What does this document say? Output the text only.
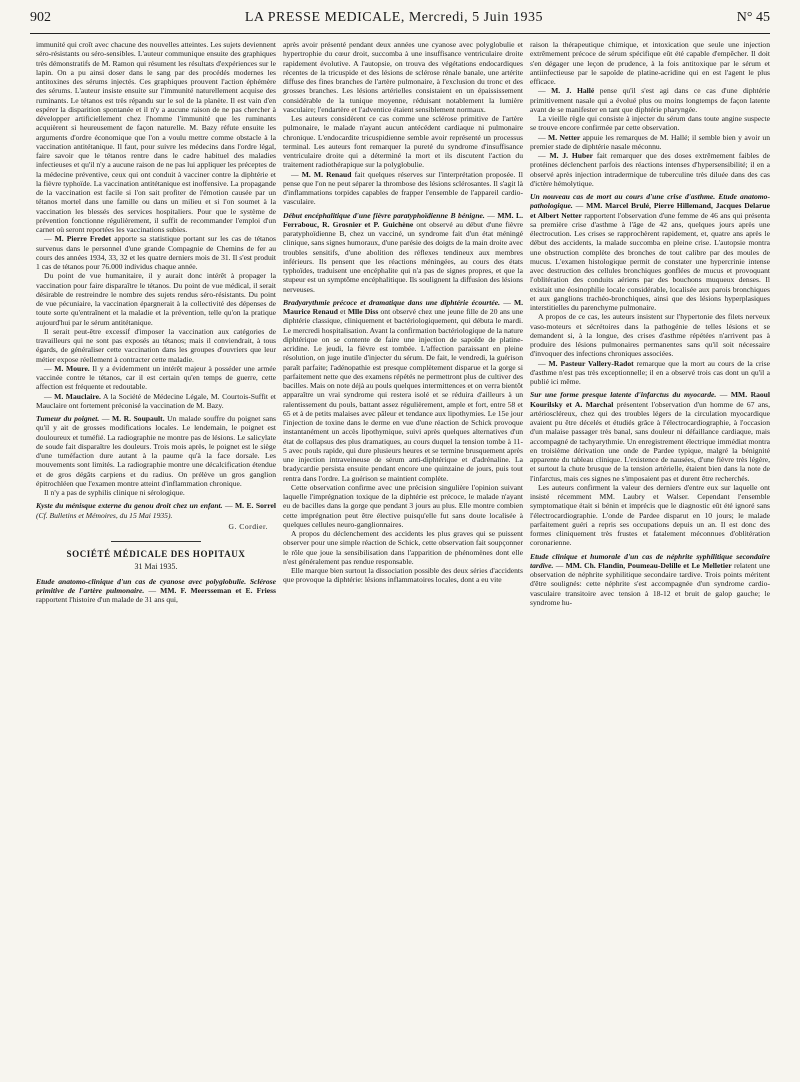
902	LA PRESSE MEDICALE, Mercredi, 5 Juin 1935	N° 45

immunité qui croît avec chacune des nouvelles atteintes. Les sujets deviennent séro-résistants ou séro-sensibles. L'auteur communique ensuite des graphiques très démonstratifs de M. Ramon qui résument les résultats d'expériences sur le lapin. On a pu ainsi doser dans le sang par des procédés modernes les antitoxines des sérums injectés. Ces graphiques prouvent l'action éphémère des sérums. L'auteur insiste ensuite sur l'immunité naturellement acquise des ruminants. Le tétanos est très répandu sur le sol de la planète. Il est vain d'en espérer la disparition spontanée et il n'y a aucune raison de ne pas chercher à développer artificiellement chez l'homme l'immunité que les ruminants acquièrent si heureusement de façon naturelle. M. Bazy réfute ensuite les arguments d'ordre économique que l'on a voulu mettre comme obstacle à la vaccination antitétanique. Il faut, pour suivre les médecins dans l'ordre légal, faire savoir que le tétanos rentre dans le cadre habituel des maladies infectieuses et qu'il n'y a aucune raison de ne pas lui appliquer les préceptes de la médecine préventive, ceux qui ont conduit à vacciner contre la diphtérie et la fièvre typhoïde. La vaccination antitétanique est inoffensive. La propagande de la vaccination est facile si l'on sait profiter de l'émotion causée par un tétanos mortel dans une famille ou dans un milieu et si l'on soumet à la vaccination les blessés des services hospitaliers. Pour que le système de prévention fonctionne régulièrement, il suffit de recommander l'emploi d'un carnet où seront reportées les vaccinations subies.

— M. Pierre Fredet apporte sa statistique portant sur les cas de tétanos survenus dans le personnel d'une grande Compagnie de Chemins de fer au cours des années 1934, 33, 32 et les quatre derniers mois de 31. Il s'est produit 1 cas de tétanos pour 76.000 individus chaque année.

Du point de vue humanitaire, il y aurait donc intérêt à propager la vaccination pour faire disparaître le tétanos. Du point de vue médical, il serait désirable de restreindre le nombre des sujets rendus séro-résistants. Du point de vue pécuniaire, la vaccination épargnerait à la collectivité des dépenses de toute sorte qu'entraînent et la maladie et la prévention, telle qu'on la pratique aujourd'hui par le sérum antitétanique.

Il serait peut-être excessif d'imposer la vaccination aux catégories de travailleurs qui ne sont pas exposés au tétanos; mais il conviendrait, à tous égards, de généraliser cette vaccination dans les groupes d'ouvriers que leur métier expose réellement à contracter cette maladie.

— M. Moure. Il y a évidemment un intérêt majeur à posséder une armée vaccinée contre le tétanos, car il est certain qu'en temps de guerre, cette affection est fréquente et redoutable.

— M. Mauclaire. A la Société de Médecine Légale, M. Courtois-Suffit et Mauclaire ont fortement préconisé la vaccination de M. Bazy.

Tumeur du poignet. — M. R. Soupault. Un malade souffre du poignet sans qu'il y ait de grosses modifications locales. Le lendemain, le poignet est douloureux et tuméfié. La radiographie ne montre pas de lésions. Le salicylate de soude fait disparaître les douleurs. Trois mois après, le poignet est le siège d'une tuméfaction dure autant à la paume qu'à la face dorsale. Les mouvements sont limités. La radiographie montre une décalcification étendue et de gros dégâts carpiens et du radius. On prélève un gros ganglion épitrochléen que l'examen montre atteint d'inflammation chronique.

Il n'y a pas de syphilis clinique ni sérologique.

Kyste du ménisque externe du genou droit chez un enfant. — M. E. Sorrel (Cf. Bulletins et Mémoires, du 15 Mai 1935).

G. Cordier.
SOCIÉTÉ MÉDICALE DES HOPITAUX
31 Mai 1935.

Etude anatomo-clinique d'un cas de cyanose avec polyglobulie. Sclérose primitive de l'artère pulmonaire. — MM. F. Meersseman et E. Friess rapportent l'histoire d'un malade de 31 ans qui,

après avoir présenté pendant deux années une cyanose avec polyglobulie et hypertrophie du cœur droit, succomba à une insuffisance ventriculaire droite rapidement évolutive. A l'autopsie, on trouva des végétations endocardiques récentes de la tricuspide et des lésions de sclérose rénale banale, une artérite diffuse des fines branches de l'artère pulmonaire, à l'exclusion du tronc et des grosses branches. Les lésions artérielles consistaient en un épaississement considérable de la tunique moyenne, réduisant notablement la lumière vasculaire; l'endartère et l'adventice étaient sensiblement normaux.

Les auteurs considèrent ce cas comme une sclérose primitive de l'artère pulmonaire, le malade n'ayant aucun antécédent cardiaque ni pulmonaire chronique. L'endocardite tricuspidienne semble avoir représenté un processus terminal. Les auteurs font remarquer la pureté du syndrome d'insuffisance ventriculaire droite qui a déterminé la mort et ils discutent l'action du traitement radiothérapique sur la polyglobulie.

— M. M. Renaud fait quelques réserves sur l'interprétation proposée. Il pense que l'on ne peut séparer la thrombose des lésions sclérosantes. Il s'agit là d'inflammations torpides capables de frapper l'ensemble de l'appareil cardio-vasculaire.

Début encéphalitique d'une fièvre paratyphoïdienne B bénigne. — MM. L. Ferrabouc, R. Grosnier et P. Guichène ont observé au début d'une fièvre paratyphoïdienne B, chez un vacciné, un syndrome fait d'un état méningé clinique, sans signes humoraux, d'une parésie des doigts de la main droite avec troubles sensitifs, d'une abolition des réflexes tendineux aux membres inférieurs. Ils pensent que les réactions méningées, au cours des états typhoïdes, traduisent une encéphalite qui n'a pas de signes propres, et que la stupeur est un symptôme encéphalitique. Ils soulignent la diffusion des lésions nerveuses.

Bradyarythmie précoce et dramatique dans une diphtérie écourtée. — M. Maurice Renaud et Mlle Diss ont observé chez une jeune fille de 20 ans une diphtérie classique, cliniquement et bactériologiquement, qui débuta le mardi. Le mercredi hospitalisation. Avant la confirmation bactériologique de la nature diphtérique on se contente de faire une injection de sapoïde de platine-acridine. Le jeudi, la fièvre est tombée. L'affection paraissant en pleine résolution, on juge inutile d'injecter du sérum. De fait, le vendredi, la guérison paraît parfaite; l'adénopathie est presque complètement disparue et la gorge si parfaitement nette que des examens répétés ne permettront plus de cultiver des bacilles. Mais on note déjà au pouls quelques intermittences et on verra bientôt apparaître un vrai syndrome qui restera isolé et se réduira d'ailleurs à un ralentissement du pouls, battant assez régulièrement, ample et fort, entre 58 et 65 et à de petits malaises avec pâleur et tendance aux lipothymies. Le 15e jour l'injection de toxine dans le derme en vue d'une réaction de Schick provoque instantanément un accès lipothymique, suivi après quelques alternatives d'un état de collapsus des plus dramatiques, au cours duquel la tension tombe à 11-5 avec pouls rapide, qui dure plusieurs heures et se termine brusquement après une injection intraveineuse de sérum anti-diphtérique et d'adrénaline. La bradycardie persista ensuite pendant encore une quinzaine de jours, puis tout rentra dans l'ordre. La guérison se maintient complète.

Cette observation confirme avec une précision singulière l'opinion suivant laquelle l'imprégnation toxique de la diphtérie est précoce, le malade n'ayant eu de bacilles dans la gorge que pendant 3 jours au plus. Elle montre combien cette imprégnation peut être élective puisqu'elle fut sans doute localisée à quelques cellules neuro-ganglionnaires.

A propos du déclenchement des accidents les plus graves qui se puissent observer pour une simple réaction de Schick, cette observation fait soupçonner le rôle que joue la sensibilisation dans l'apparition de phénomènes dont elle n'est généralement pas rendue responsable.

Elle marque bien surtout la dissociation possible des deux séries d'accidents que provoque la diphtérie: lésions inflammatoires locales, dont a eu vite

raison la thérapeutique chimique, et intoxication que seule une injection extrêmement précoce de sérum spécifique eût été capable d'empêcher. Il doit s'en dégager une leçon de prudence, à la fois antitoxique par le sérum et antiinfectieuse par le sapoïde de platine-acridine qui en est l'agent le plus efficace.

— M. J. Hallé pense qu'il s'est agi dans ce cas d'une diphtérie primitivement nasale qui a évolué plus ou moins longtemps de façon latente avant de se manifester en tant que diphtérie pharyngée.

La vieille règle qui consiste à injecter du sérum dans toute angine suspecte se trouve encore confirmée par cette observation.

— M. Netter appuie les remarques de M. Hallé; il semble bien y avoir un premier stade de diphtérie nasale méconnu.

— M. J. Huber fait remarquer que des doses extrêmement faibles de protéines déclenchent parfois des réactions intenses d'hypersensibilité; il en a observé après injection intradermique de tuberculine très diluée dans des cas d'ictère hémolytique.

Un nouveau cas de mort au cours d'une crise d'asthme. Etude anatomo-pathologique. — MM. Marcel Brulé, Pierre Hillemand, Jacques Delarue et Albert Netter rapportent l'observation d'une femme de 46 ans qui présenta sa première crise d'asthme à l'âge de 42 ans, quelques jours après une électrocution. Les crises se rapprochèrent rapidement, et, quatre ans après le début des accidents, la malade succomba en pleine crise. L'autopsie montra une obstruction complète des bronches de tout calibre par des moules de mucus. L'examen histologique permit de constater une hypercrinie intense avec destruction des cellules bronchiques gonflées de mucus et provoquant l'oblitération des conduits aériens par des bouchons muqueux denses. Il existait une éosinophilie locale considérable, localisée aux parois bronchiques et aux ganglions trachéo-bronchiques, ainsi que des lésions hyperplasiques interstitielles du parenchyme pulmonaire.

A propos de ce cas, les auteurs insistent sur l'hypertonie des filets nerveux vaso-moteurs et sécrétoires dans la pathogénie de telles lésions et se demandent si, à la longue, des crises d'asthme répétées n'arrivent pas à produire des lésions pulmonaires permanentes sans qu'il soit nécessaire d'invoquer des infections chroniques associées.

— M. Pasteur Vallery-Radot remarque que la mort au cours de la crise d'asthme n'est pas très exceptionnelle; il en a observé trois cas dont un qu'il a publié ici même.

Sur une forme presque latente d'infarctus du myocarde. — MM. Raoul Kourilsky et A. Marchal présentent l'observation d'un homme de 67 ans, artérioscléreux, chez qui des troubles légers de la circulation myocardique avaient pu être décelés et étudiés grâce à l'électrocardiographie, à l'occasion d'un malaise passager très banal, sans douleur ni défaillance cardiaque, mais accompagné de tachyarythmie. Un enregistrement électrique immédiat montra en troisième dérivation une onde de Pardee typique, malgré la bénignité apparente du tableau clinique. L'existence de nausées, d'une fièvre très légère, et surtout la chute brusque de la tension artérielle, étaient bien dans la note de l'infarctus, mais ces signes ne s'imposaient pas et durent être recherchés.

Les auteurs confirment la valeur des derniers d'entre eux sur laquelle ont insisté récemment MM. Laubry et Walser. Cependant l'ensemble symptomatique était si bénin et imprécis que le diagnostic eût été ignoré sans l'électrocardiographie. L'onde de Pardee disparut en 10 jours; le malade parfaitement guéri a repris ses occupations depuis un an. Il est donc des formes cliniquement très frustes et fatalement méconnues d'oblitération coronarienne.

Etude clinique et humorale d'un cas de néphrite syphilitique secondaire tardive. — MM. Ch. Flandin, Poumeau-Delille et Le Melletier relatent une observation de néphrite syphilitique secondaire tardive. Trois points méritent d'être soulignés: cette néphrite s'est accompagnée d'un syndrome cardio-vasculaire transitoire avec tension à 18-12 et bruit de galop gauche; le syndrome hu-
